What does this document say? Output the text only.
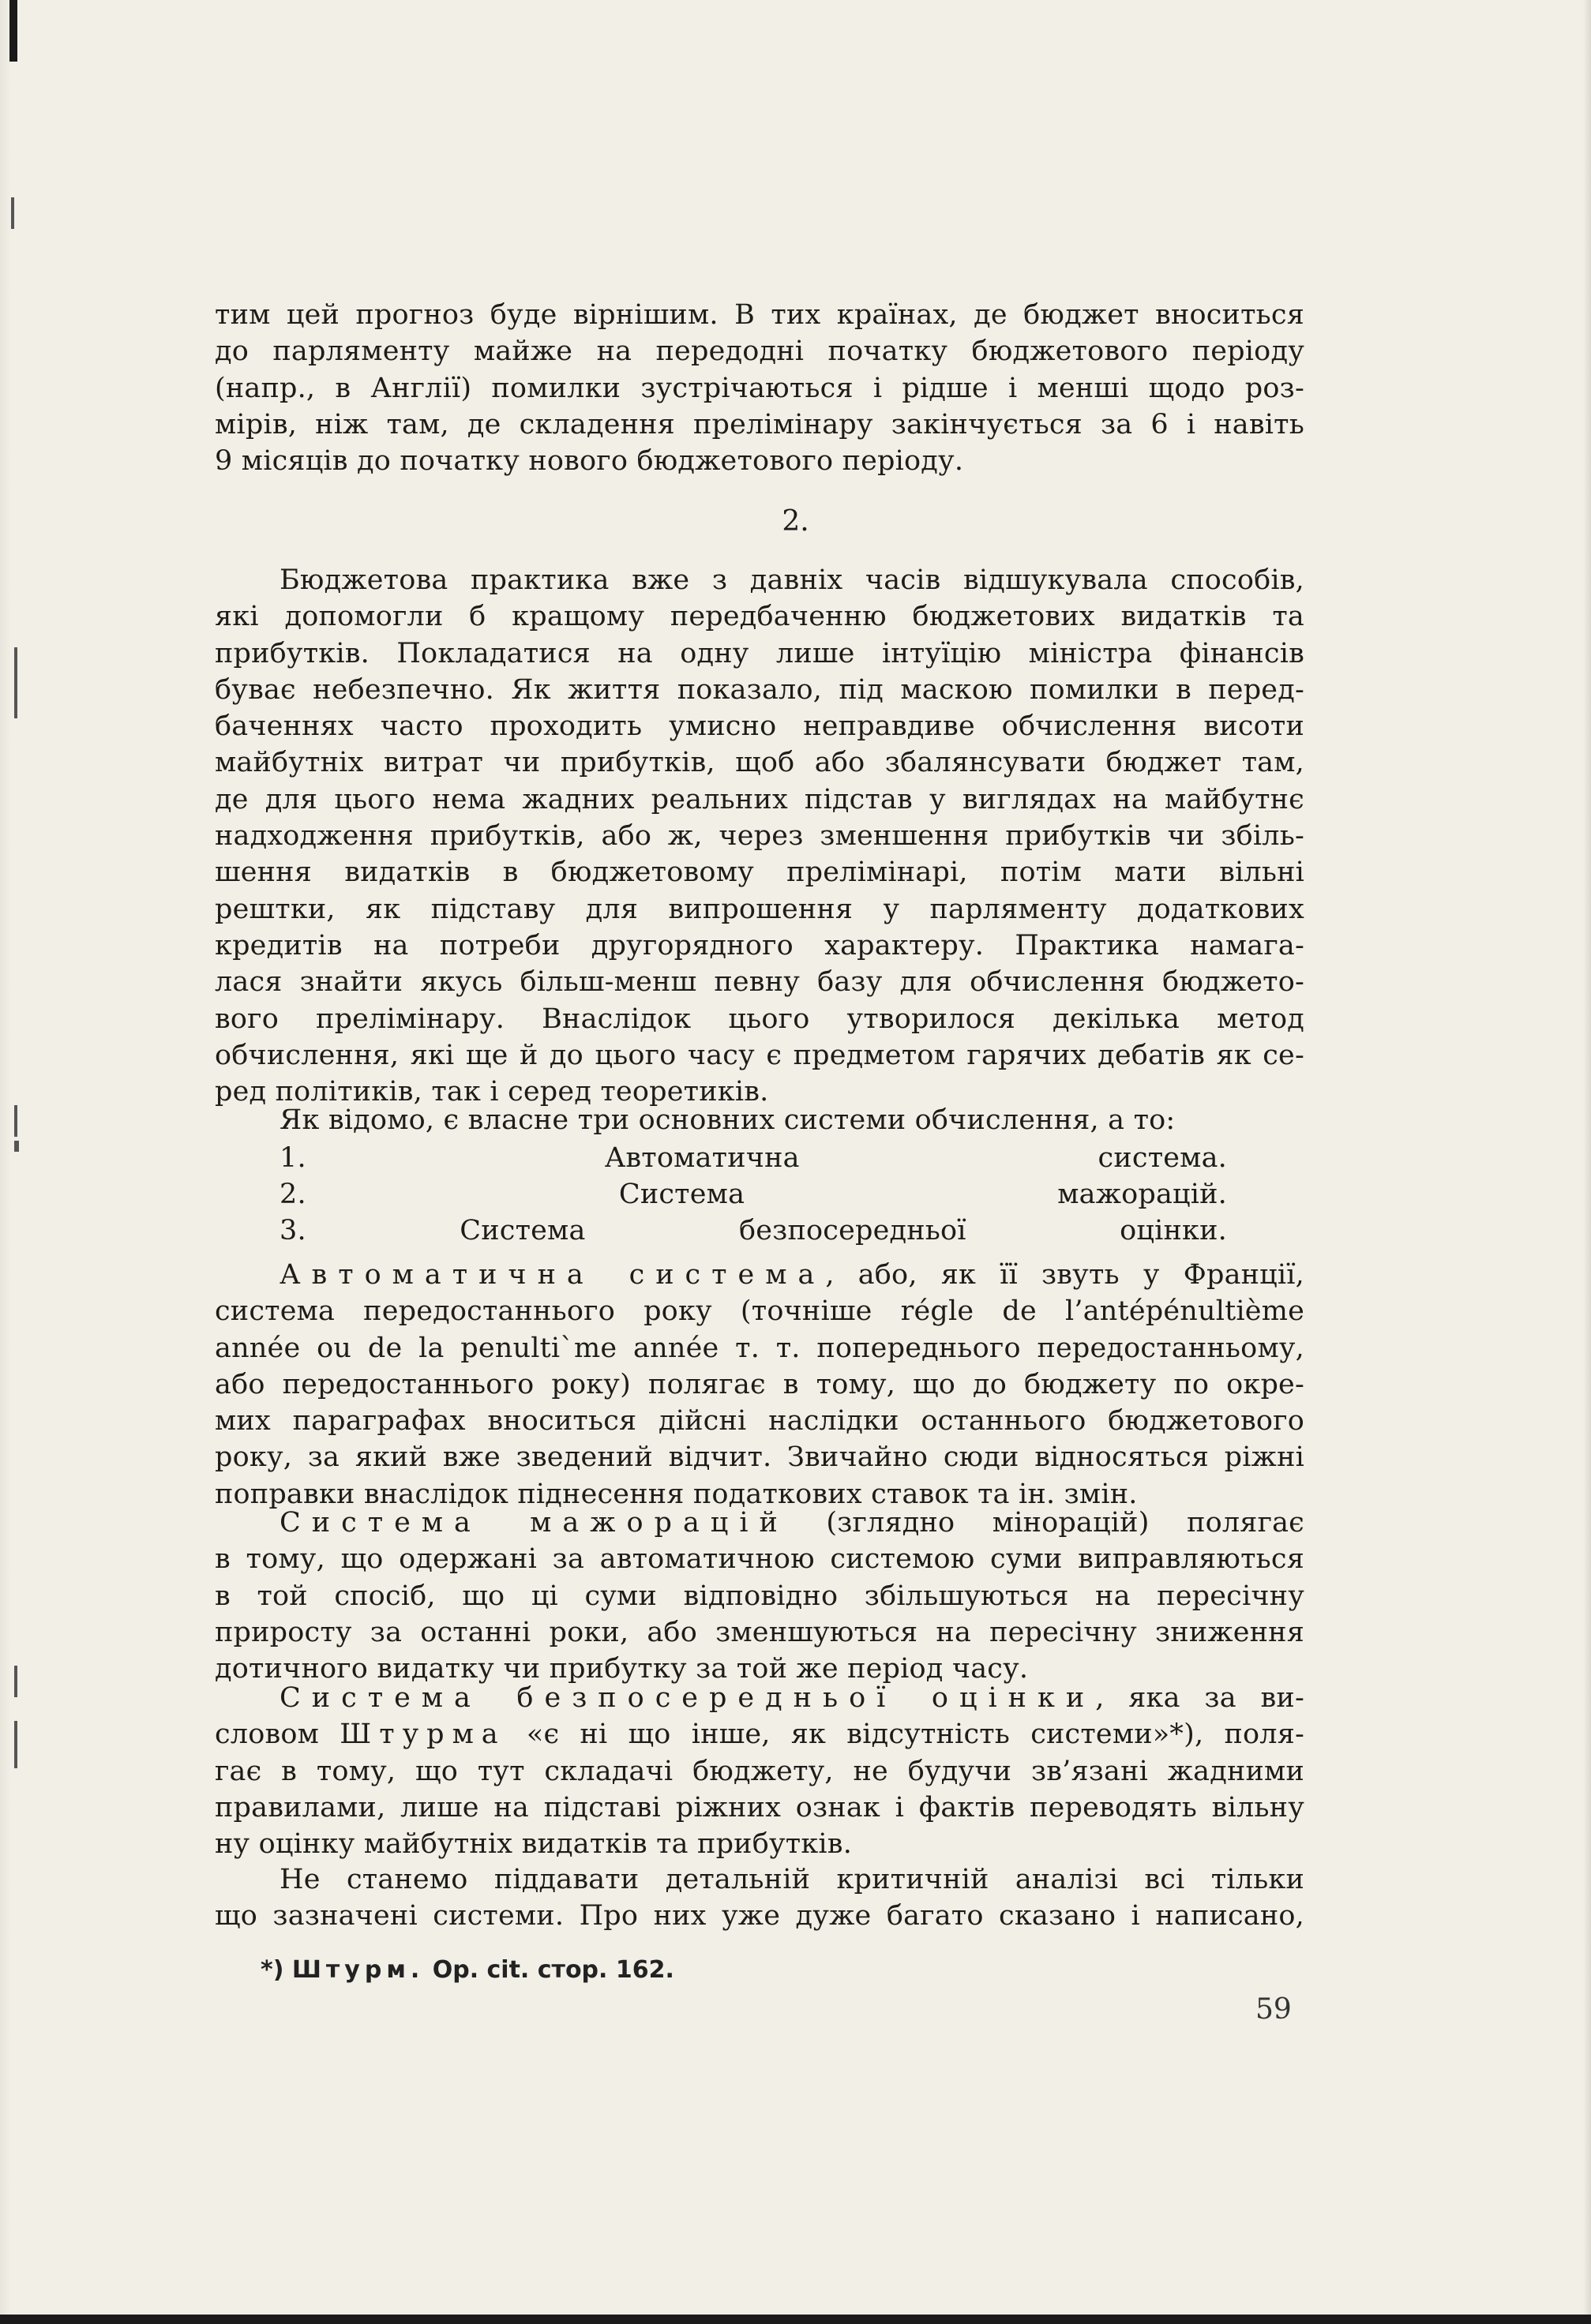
тим цей прогноз буде вірнішим. В тих країнах, де бюджет вноситься
до парляменту майже на передодні початку бюджетового періоду
(напр., в Англії) помилки зустрічаються і рідше і менші щодо роз-
мірів, ніж там, де складення прелімінару закінчується за 6 і навіть
9 місяців до початку нового бюджетового періоду.
2.
Бюджетова практика вже з давніх часів відшукувала способів,
які допомогли б кращому передбаченню бюджетових видатків та
прибутків. Покладатися на одну лише інтуїцію міністра фінансів
буває небезпечно. Як життя показало, під маскою помилки в перед-
баченнях часто проходить умисно неправдиве обчислення висоти
майбутніх витрат чи прибутків, щоб або збалянсувати бюджет там,
де для цього нема жадних реальних підстав у виглядах на майбутнє
надходження прибутків, або ж, через зменшення прибутків чи збіль-
шення видатків в бюджетовому прелімінарі, потім мати вільні
рештки, як підставу для випрошення у парляменту додаткових
кредитів на потреби другорядного характеру. Практика намага-
лася знайти якусь більш-менш певну базу для обчислення бюджето-
вого прелімінару. Внаслідок цього утворилося декілька метод
обчислення, які ще й до цього часу є предметом гарячих дебатів як се-
ред політиків, так і серед теоретиків.
Як відомо, є власне три основних системи обчислення, а то:
1. Автоматична система.
2. Система мажорацій.
3. Система безпосередньої оцінки.
Автоматична система, або, як її звуть у Франції,
система передостаннього року (точніше régle de l’antépénultième
année ou de la penulti`me année т. т. попереднього передостанньому,
або передостаннього року) полягає в тому, що до бюджету по окре-
мих параграфах вноситься дійсні наслідки останнього бюджетового
року, за який вже зведений відчит. Звичайно сюди відносяться ріжні
поправки внаслідок піднесення податкових ставок та ін. змін.
Система мажорацій (зглядно мінорацій) полягає
в тому, що одержані за автоматичною системою суми виправляються
в той спосіб, що ці суми відповідно збільшуються на пересічну
приросту за останні роки, або зменшуються на пересічну зниження
дотичного видатку чи прибутку за той же період часу.
Система безпосередньої оцінки, яка за ви-
словом Штурма «є ні що інше, як відсутність системи»*), поля-
гає в тому, що тут складачі бюджету, не будучи зв’язані жадними
правилами, лише на підставі ріжних ознак і фактів переводять вільну
ну оцінку майбутніх видатків та прибутків.
Не станемо піддавати детальній критичній аналізі всі тільки
що зазначені системи. Про них уже дуже багато сказано і написано,
*) Штурм. Op. cit. стор. 162.
59
